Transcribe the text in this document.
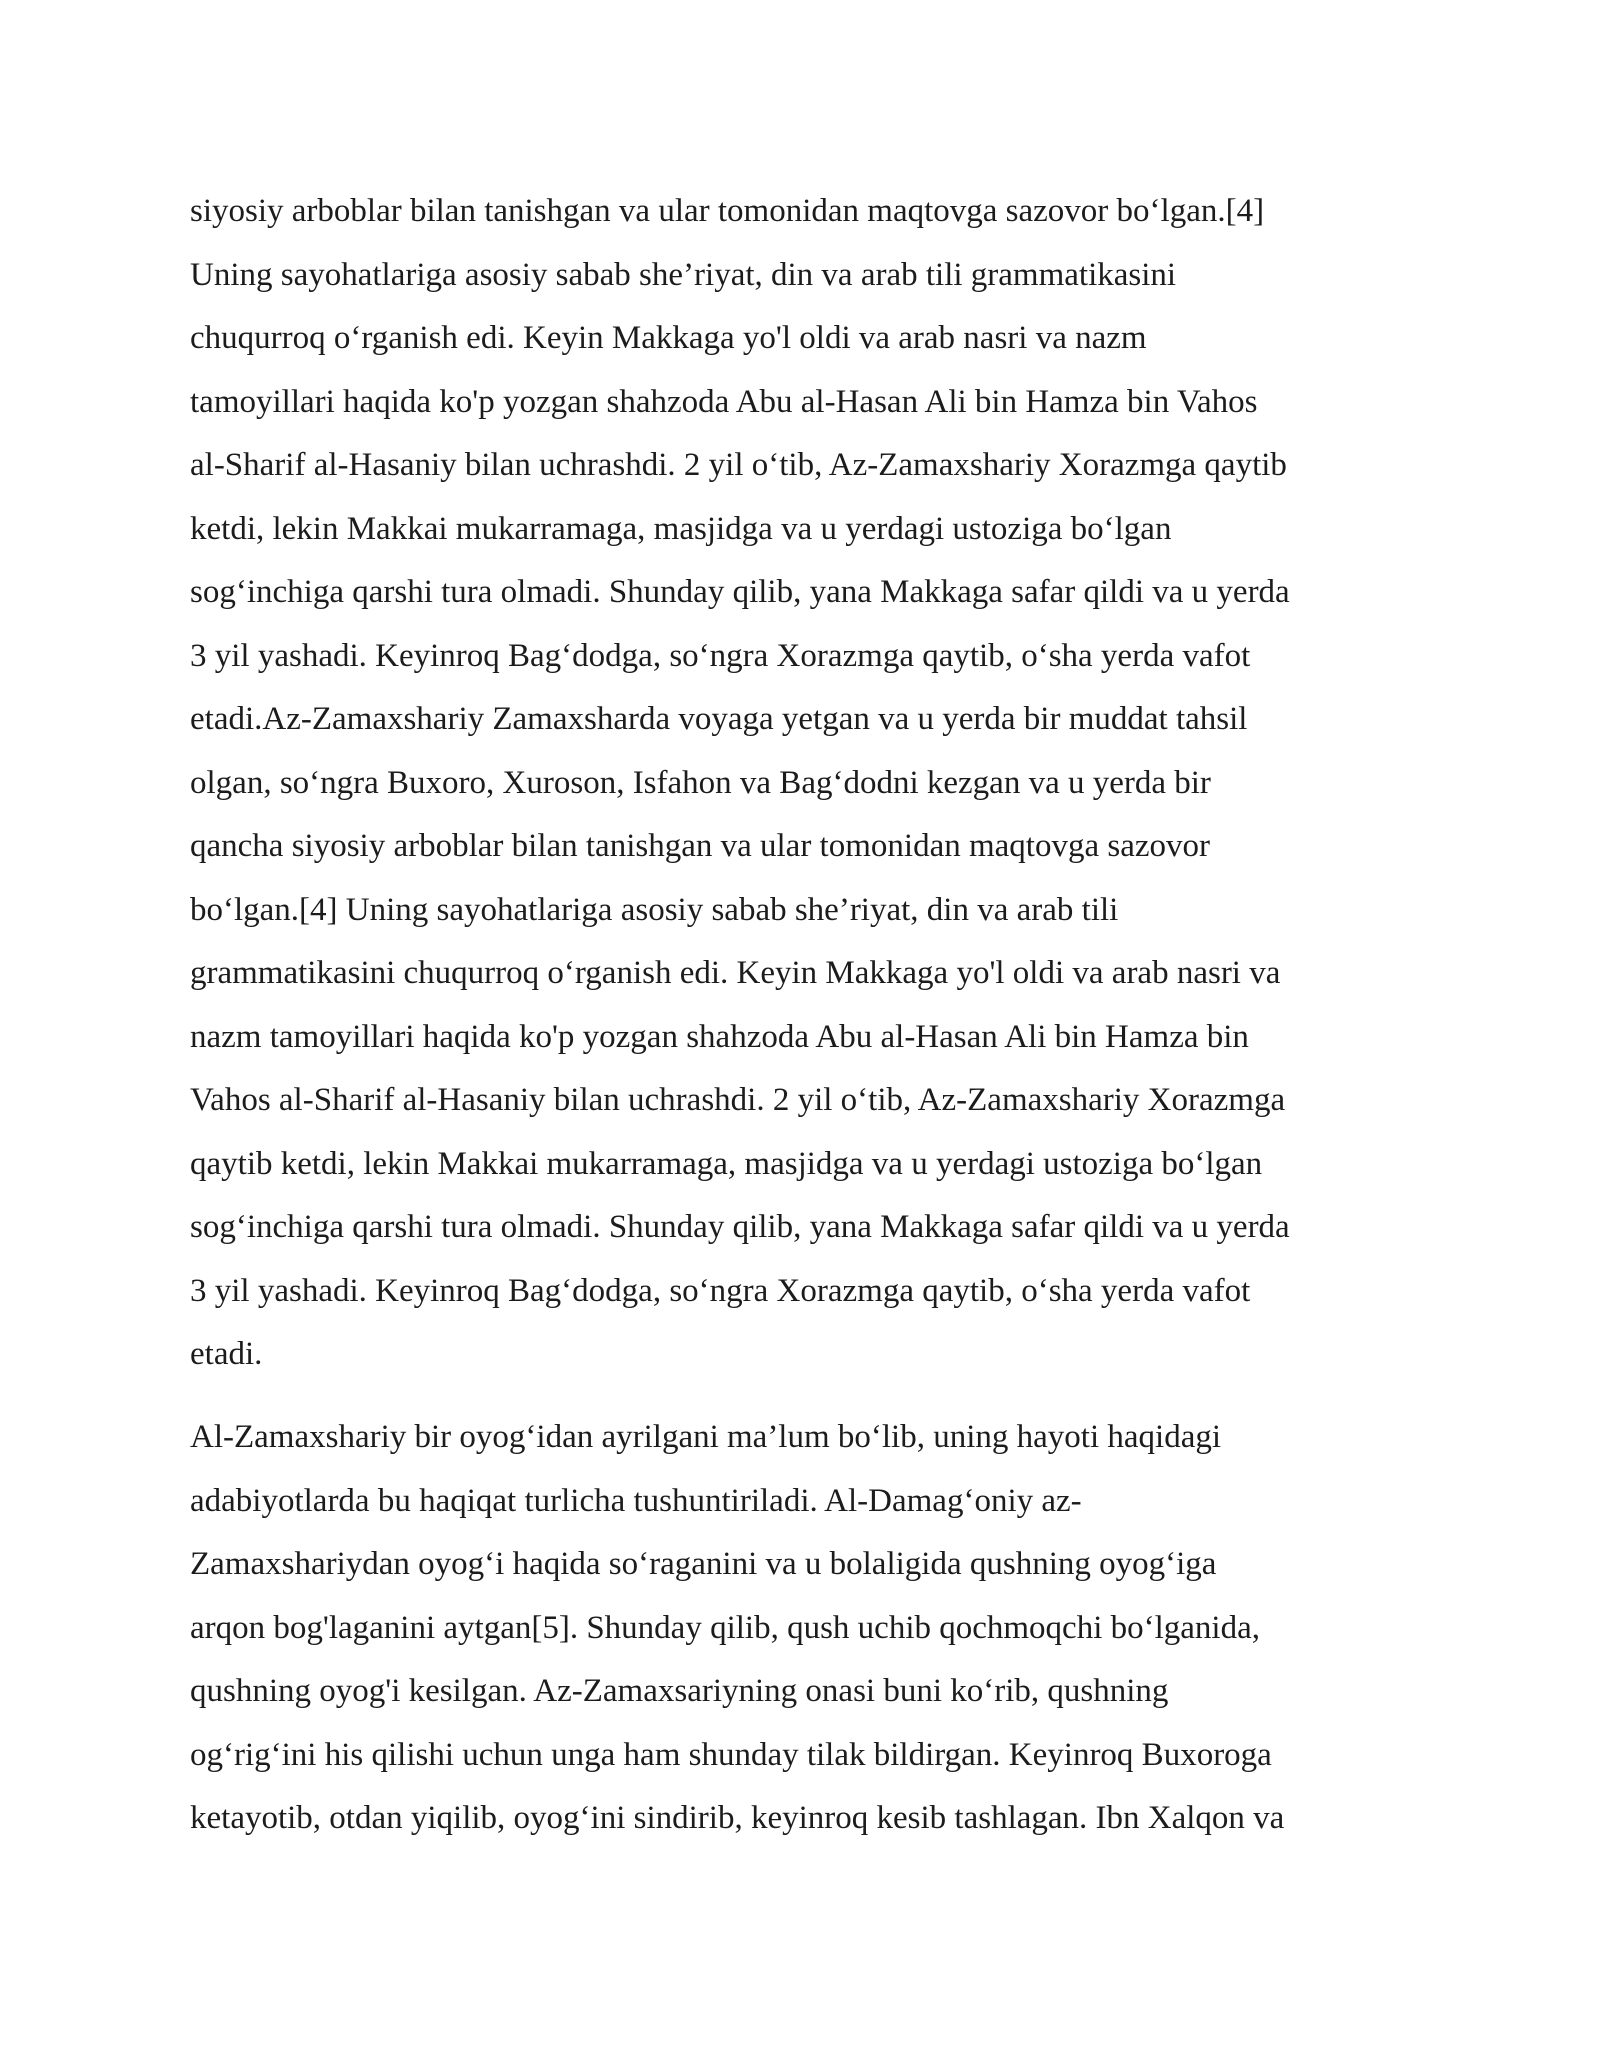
siyosiy arboblar bilan tanishgan va ular tomonidan maqtovga sazovor bo‘lgan.[4]
Uning sayohatlariga asosiy sabab she’riyat, din va arab tili grammatikasini
chuqurroq o‘rganish edi. Keyin Makkaga yo'l oldi va arab nasri va nazm
tamoyillari haqida ko'p yozgan shahzoda Abu al-Hasan Ali bin Hamza bin Vahos
al-Sharif al-Hasaniy bilan uchrashdi. 2 yil o‘tib, Az-Zamaxshariy Xorazmga qaytib
ketdi, lekin Makkai mukarramaga, masjidga va u yerdagi ustoziga bo‘lgan
sog‘inchiga qarshi tura olmadi. Shunday qilib, yana Makkaga safar qildi va u yerda
3 yil yashadi. Keyinroq Bag‘dodga, so‘ngra Xorazmga qaytib, o‘sha yerda vafot
etadi.Az-Zamaxshariy Zamaxsharda voyaga yetgan va u yerda bir muddat tahsil
olgan, so‘ngra Buxoro, Xuroson, Isfahon va Bag‘dodni kezgan va u yerda bir
qancha siyosiy arboblar bilan tanishgan va ular tomonidan maqtovga sazovor
bo‘lgan.[4] Uning sayohatlariga asosiy sabab she’riyat, din va arab tili
grammatikasini chuqurroq o‘rganish edi. Keyin Makkaga yo'l oldi va arab nasri va
nazm tamoyillari haqida ko'p yozgan shahzoda Abu al-Hasan Ali bin Hamza bin
Vahos al-Sharif al-Hasaniy bilan uchrashdi. 2 yil o‘tib, Az-Zamaxshariy Xorazmga
qaytib ketdi, lekin Makkai mukarramaga, masjidga va u yerdagi ustoziga bo‘lgan
sog‘inchiga qarshi tura olmadi. Shunday qilib, yana Makkaga safar qildi va u yerda
3 yil yashadi. Keyinroq Bag‘dodga, so‘ngra Xorazmga qaytib, o‘sha yerda vafot
etadi.
Al-Zamaxshariy bir oyog‘idan ayrilgani ma’lum bo‘lib, uning hayoti haqidagi
adabiyotlarda bu haqiqat turlicha tushuntiriladi. Al-Damag‘oniy az-
Zamaxshariydan oyog‘i haqida so‘raganini va u bolaligida qushning oyog‘iga
arqon bog'laganini aytgan[5]. Shunday qilib, qush uchib qochmoqchi bo‘lganida,
qushning oyog'i kesilgan. Az-Zamaxsariyning onasi buni ko‘rib, qushning
og‘rig‘ini his qilishi uchun unga ham shunday tilak bildirgan. Keyinroq Buxoroga
ketayotib, otdan yiqilib, oyog‘ini sindirib, keyinroq kesib tashlagan. Ibn Xalqon va
